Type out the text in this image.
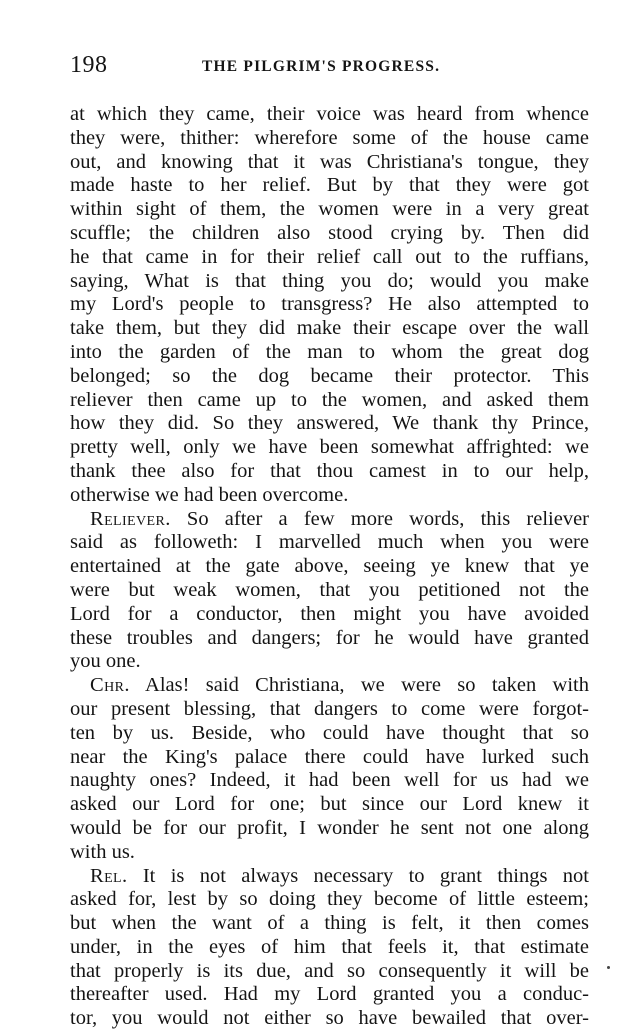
198	THE PILGRIM'S PROGRESS.
at which they came, their voice was heard from whence
they were, thither: wherefore some of the house came
out, and knowing that it was Christiana's tongue, they
made haste to her relief. But by that they were got
within sight of them, the women were in a very great
scuffle; the children also stood crying by. Then did
he that came in for their relief call out to the ruffians,
saying, What is that thing you do; would you make
my Lord's people to transgress? He also attempted to
take them, but they did make their escape over the wall
into the garden of the man to whom the great dog
belonged; so the dog became their protector. This
reliever then came up to the women, and asked them
how they did. So they answered, We thank thy Prince,
pretty well, only we have been somewhat affrighted: we
thank thee also for that thou camest in to our help,
otherwise we had been overcome.
Reliever. So after a few more words, this reliever
said as followeth: I marvelled much when you were
entertained at the gate above, seeing ye knew that ye
were but weak women, that you petitioned not the
Lord for a conductor, then might you have avoided
these troubles and dangers; for he would have granted
you one.
Chr. Alas! said Christiana, we were so taken with
our present blessing, that dangers to come were forgot-
ten by us. Beside, who could have thought that so
near the King's palace there could have lurked such
naughty ones? Indeed, it had been well for us had we
asked our Lord for one; but since our Lord knew it
would be for our profit, I wonder he sent not one along
with us.
Rel. It is not always necessary to grant things not
asked for, lest by so doing they become of little esteem;
but when the want of a thing is felt, it then comes
under, in the eyes of him that feels it, that estimate
that properly is its due, and so consequently it will be
thereafter used. Had my Lord granted you a conduc-
tor, you would not either so have bewailed that over-
